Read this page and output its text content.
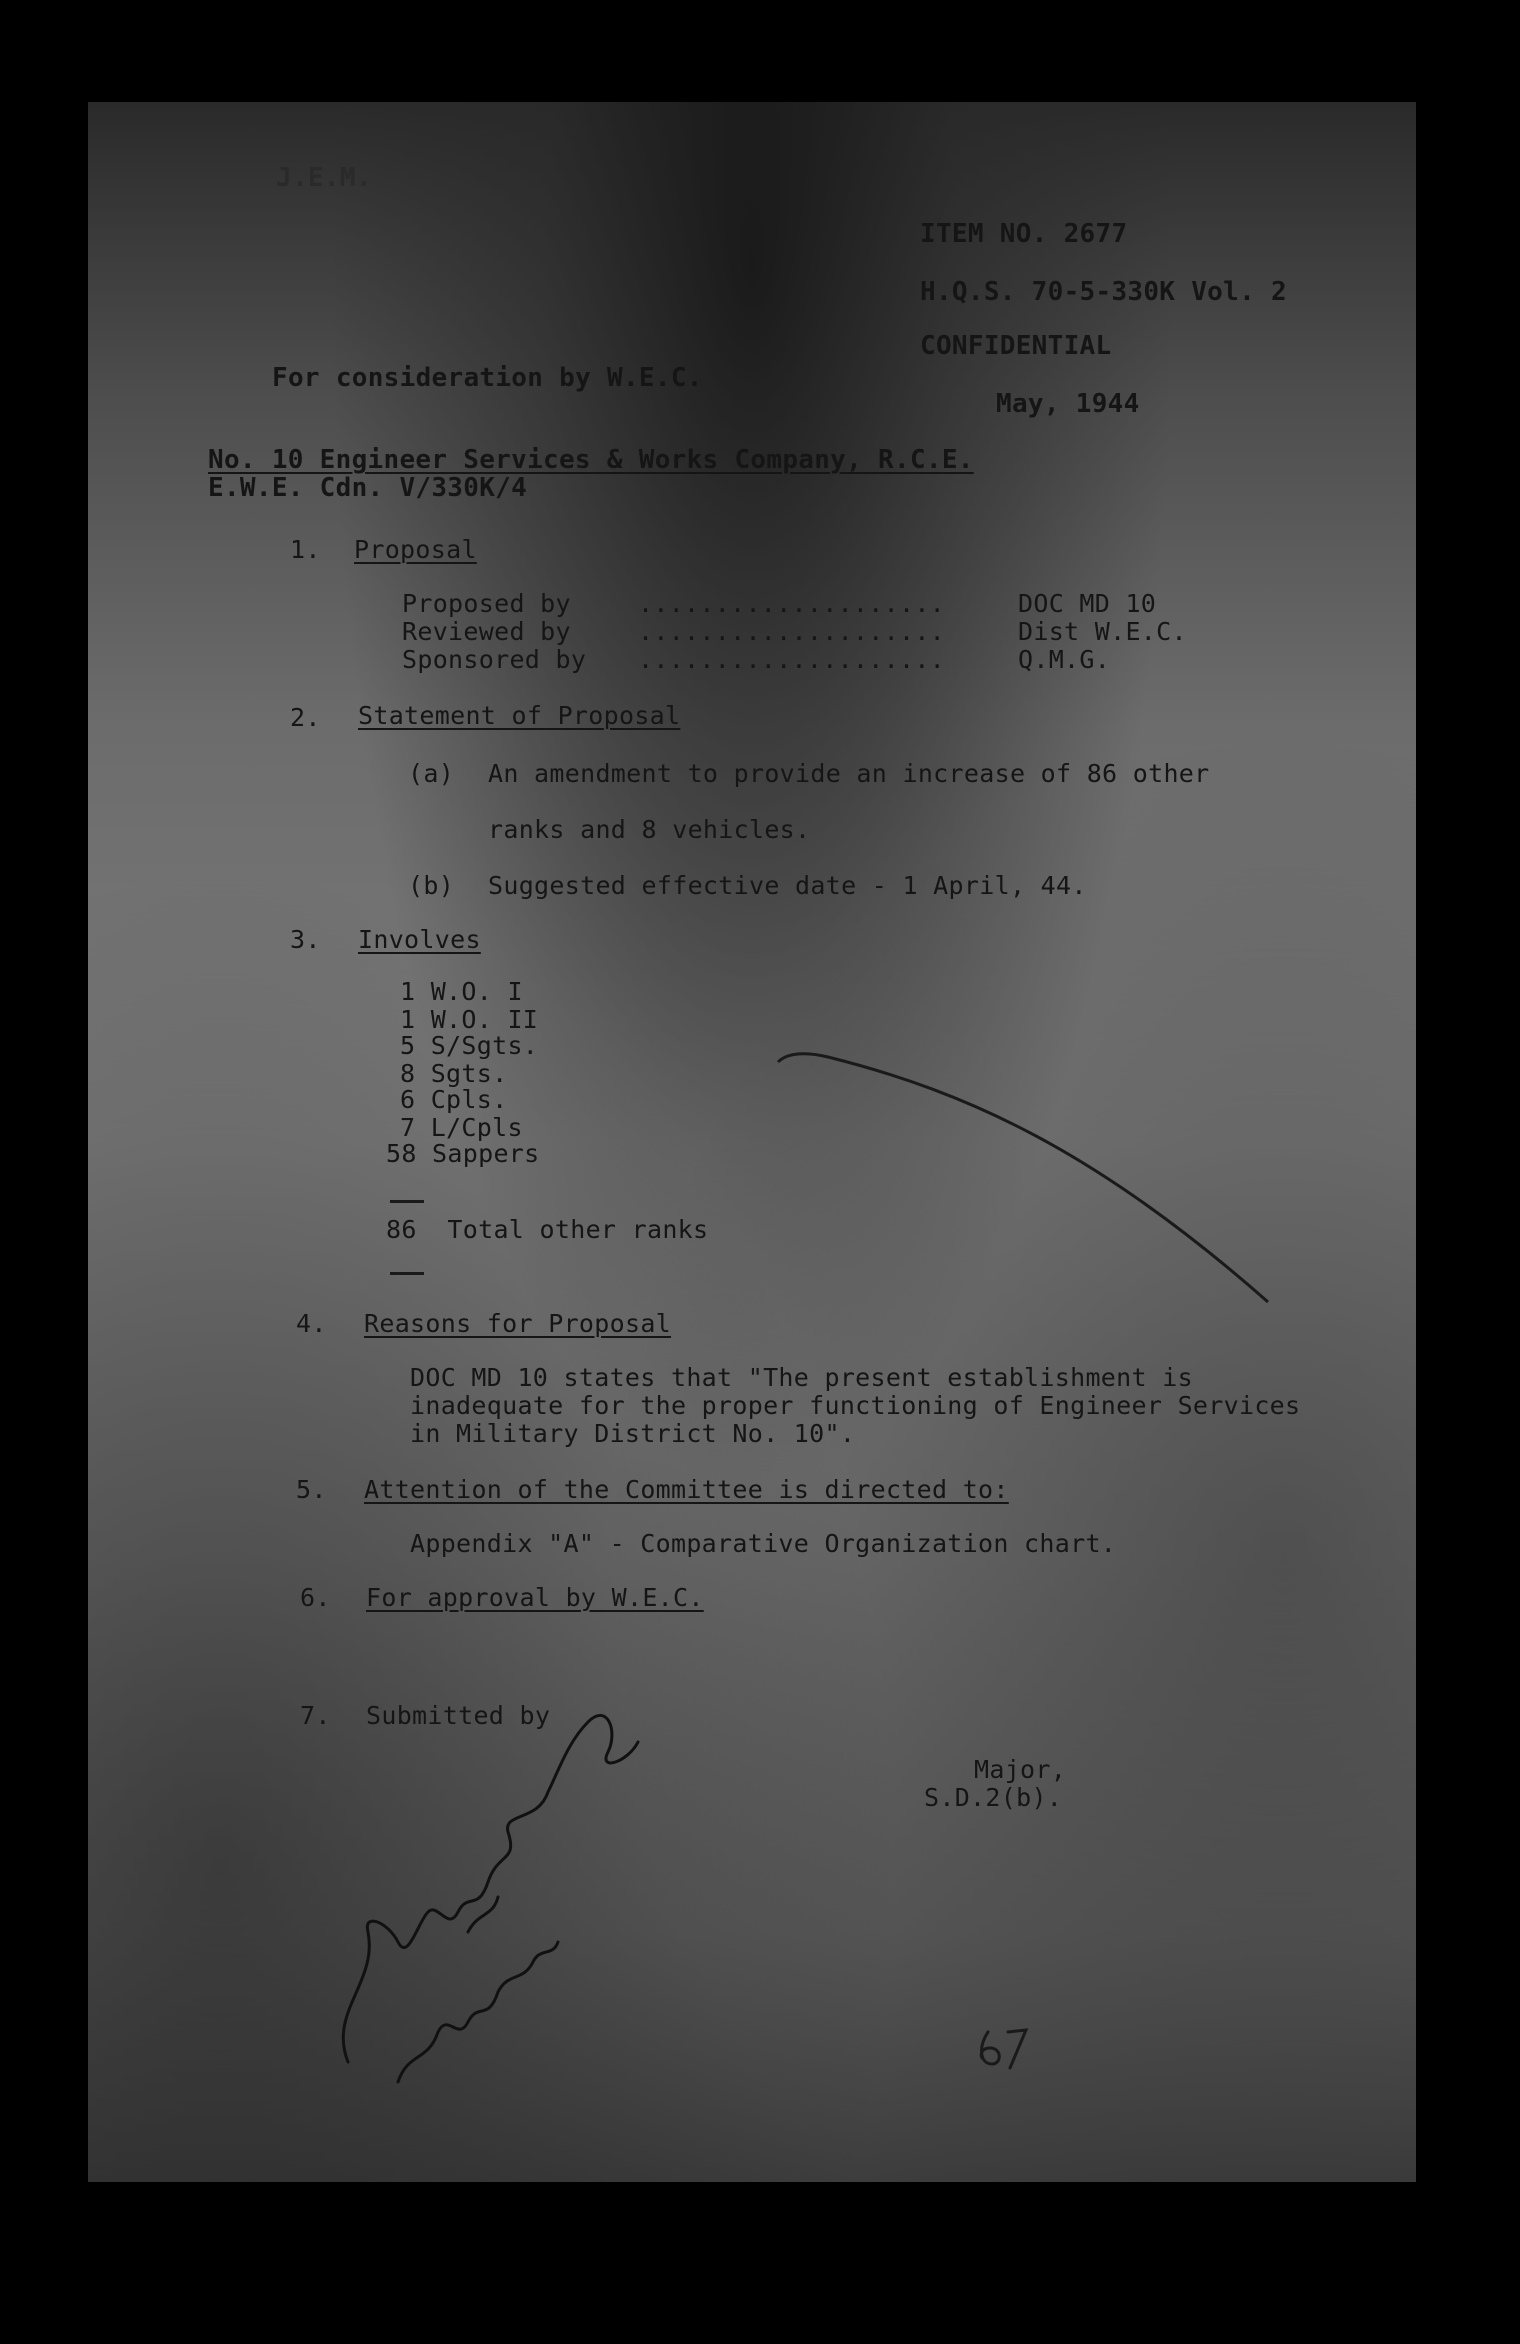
J.E.M.
ITEM NO. 2677
H.Q.S. 70-5-330K Vol. 2
CONFIDENTIAL
May, 1944
For consideration by W.E.C.
No. 10 Engineer Services & Works Company, R.C.E.
E.W.E. Cdn. V/330K/4
1. Proposal
Proposed by	....................	DOC MD 10
Reviewed by	....................	Dist W.E.C.
Sponsored by ....................	Q.M.G.
2. Statement of Proposal
(a) An amendment to provide an increase of 86 other
ranks and 8 vehicles.
(b) Suggested effective date - 1 April, 44.
3. Involves
1 W.O. I
1 W.O. II
5 S/Sgts.
8 Sgts.
6 Cpls.
7 L/Cpls
58 Sappers
86  Total other ranks
4. Reasons for Proposal
DOC MD 10 states that "The present establishment is
inadequate for the proper functioning of Engineer Services
in Military District No. 10".
5. Attention of the Committee is directed to:
Appendix "A" - Comparative Organization chart.
6. For approval by W.E.C.
7. Submitted by
Major,
S.D.2(b).
